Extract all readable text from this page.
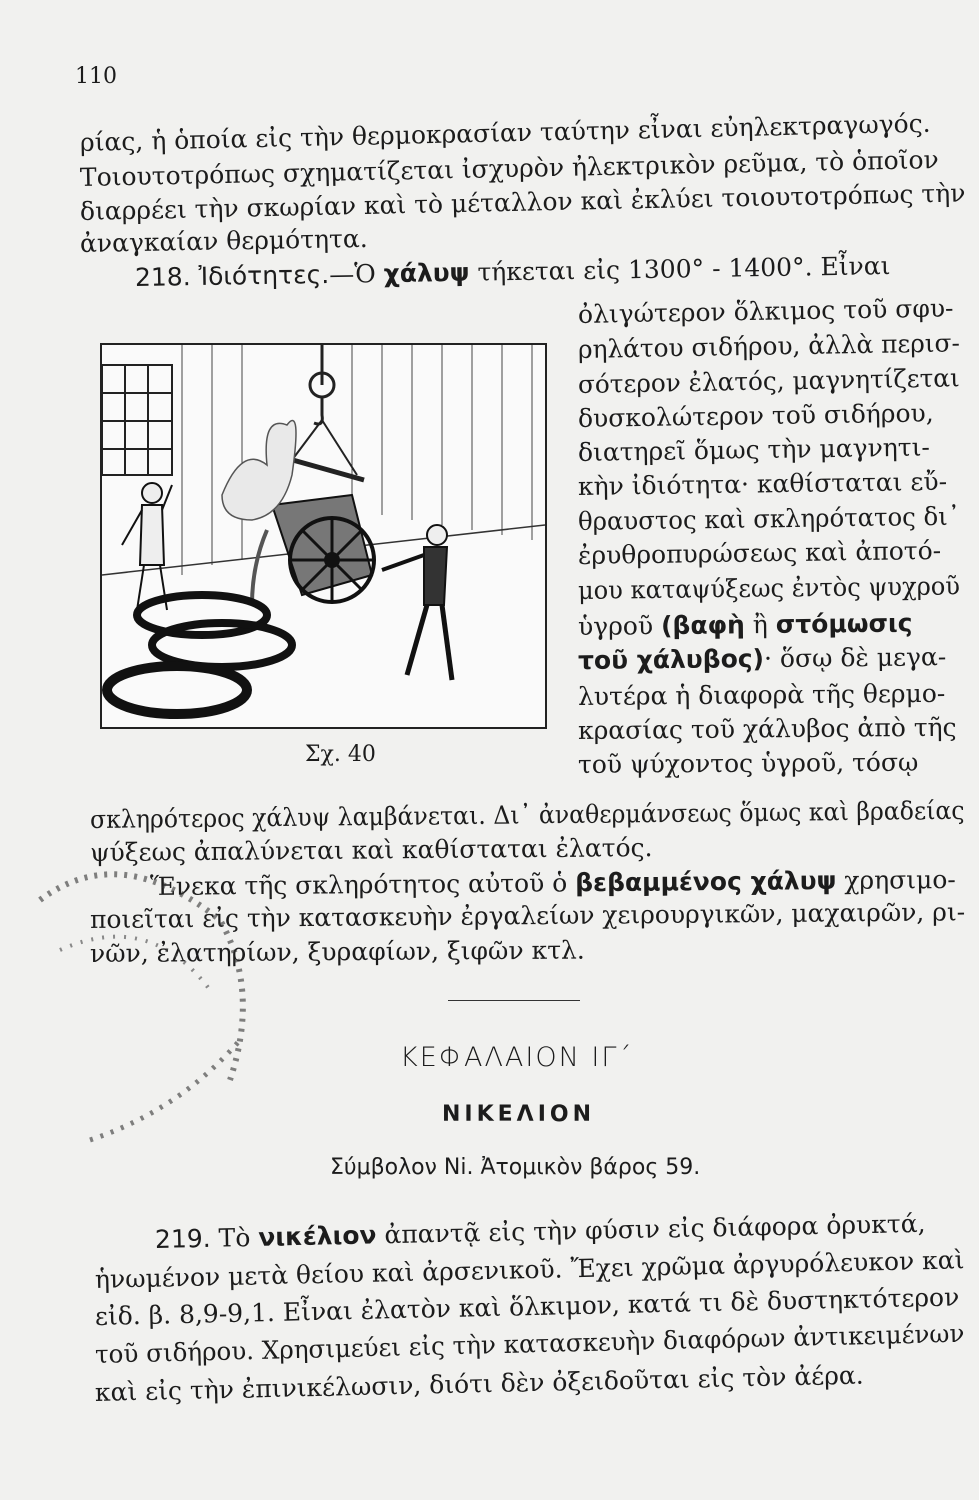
110
ρίας, ἡ ὁποία εἰς τὴν θερμοκρασίαν ταύτην εἶναι εὐηλεκτραγωγός.
Τοιουτοτρόπως σχηματίζεται ἰσχυρὸν ἠλεκτρικὸν ρεῦμα, τὸ ὁποῖον
διαρρέει τὴν σκωρίαν καὶ τὸ μέταλλον καὶ ἐκλύει τοιουτοτρόπως τὴν
ἀναγκαίαν θερμότητα.
218. Ἰδιότητες.—Ὁ χάλυψ τήκεται εἰς 1300° - 1400°. Εἶναι
Σχ. 40
ὀλιγώτερον ὅλκιμος τοῦ σφυ-
ρηλάτου σιδήρου, ἀλλὰ περισ-
σότερον ἐλατός, μαγνητίζεται
δυσκολώτερον τοῦ σιδήρου,
διατηρεῖ ὅμως τὴν μαγνητι-
κὴν ἰδιότητα· καθίσταται εὔ-
θραυστος καὶ σκληρότατος δι᾽
ἐρυθροπυρώσεως καὶ ἀποτό-
μου καταψύξεως ἐντὸς ψυχροῦ
ὑγροῦ (βαφὴ ἢ στόμωσις
τοῦ χάλυβος)· ὅσῳ δὲ μεγα-
λυτέρα ἡ διαφορὰ τῆς θερμο-
κρασίας τοῦ χάλυβος ἀπὸ τῆς
τοῦ ψύχοντος ὑγροῦ, τόσῳ
σκληρότερος χάλυψ λαμβάνεται. Δι᾽ ἀναθερμάνσεως ὅμως καὶ βραδείας
ψύξεως ἀπαλύνεται καὶ καθίσταται ἐλατός.
Ἕνεκα τῆς σκληρότητος αὐτοῦ ὁ βεβαμμένος χάλυψ χρησιμο-
ποιεῖται εἰς τὴν κατασκευὴν ἐργαλείων χειρουργικῶν, μαχαιρῶν, ρι-
νῶν, ἐλατηρίων, ξυραφίων, ξιφῶν κτλ.
ΚΕΦΑΛΑΙΟΝ ΙΓ΄
ΝΙΚΕΛΙΟΝ
Σύμβολον Ni. Ἀτομικὸν βάρος 59.
219. Τὸ νικέλιον ἀπαντᾷ εἰς τὴν φύσιν εἰς διάφορα ὀρυκτά,
ἡνωμένον μετὰ θείου καὶ ἀρσενικοῦ. Ἔχει χρῶμα ἀργυρόλευκον καὶ
εἰδ. β. 8,9-9,1. Εἶναι ἐλατὸν καὶ ὅλκιμον, κατά τι δὲ δυστηκτότερον
τοῦ σιδήρου. Χρησιμεύει εἰς τὴν κατασκευὴν διαφόρων ἀντικειμένων
καὶ εἰς τὴν ἐπινικέλωσιν, διότι δὲν ὀξειδοῦται εἰς τὸν ἀέρα.
